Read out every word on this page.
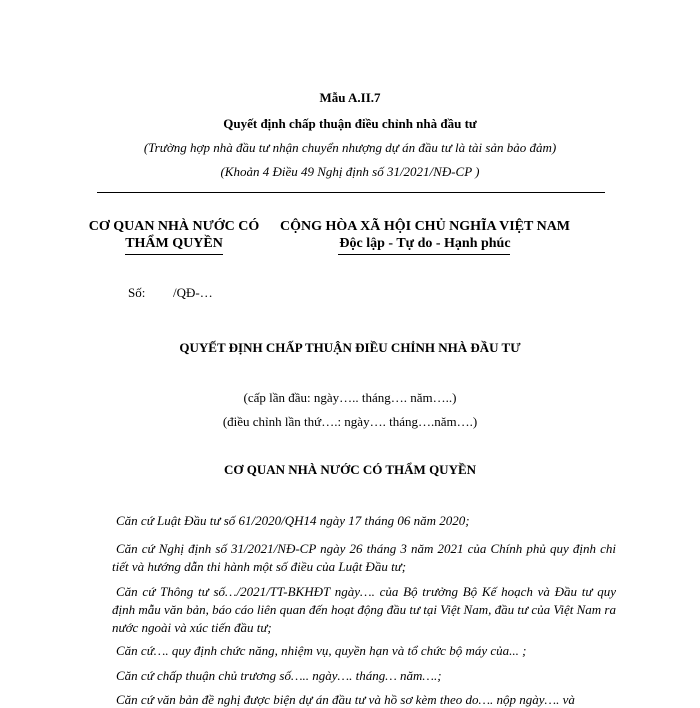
Mẫu A.II.7
Quyết định chấp thuận điều chỉnh nhà đầu tư
(Trường hợp nhà đầu tư nhận chuyển nhượng dự án đầu tư là tài sản bảo đảm)
(Khoản 4 Điều 49 Nghị định số 31/2021/NĐ-CP )
CƠ QUAN NHÀ NƯỚC CÓ
THẨM QUYỀN
CỘNG HÒA XÃ HỘI CHỦ NGHĨA VIỆT NAM
Độc lập - Tự do - Hạnh phúc
Số: /QĐ-…
QUYẾT ĐỊNH CHẤP THUẬN ĐIỀU CHỈNH NHÀ ĐẦU TƯ
(cấp lần đầu: ngày….. tháng…. năm…..)
(điều chỉnh lần thứ….: ngày…. tháng….năm….)
CƠ QUAN NHÀ NƯỚC CÓ THẨM QUYỀN
Căn cứ Luật Đầu tư số 61/2020/QH14 ngày 17 tháng 06 năm 2020;
Căn cứ Nghị định số 31/2021/NĐ-CP ngày 26 tháng 3 năm 2021 của Chính phủ quy định chi tiết và hướng dẫn thi hành một số điều của Luật Đầu tư;
Căn cứ Thông tư số…/2021/TT-BKHĐT ngày…. của Bộ trưởng Bộ Kế hoạch và Đầu tư quy định mẫu văn bản, báo cáo liên quan đến hoạt động đầu tư tại Việt Nam, đầu tư của Việt Nam ra nước ngoài và xúc tiến đầu tư;
Căn cứ…. quy định chức năng, nhiệm vụ, quyền hạn và tổ chức bộ máy của... ;
Căn cứ chấp thuận chủ trương số….. ngày…. tháng… năm….;
Căn cứ văn bản đề nghị được biện dự án đầu tư và hồ sơ kèm theo do…. nộp ngày…. và
